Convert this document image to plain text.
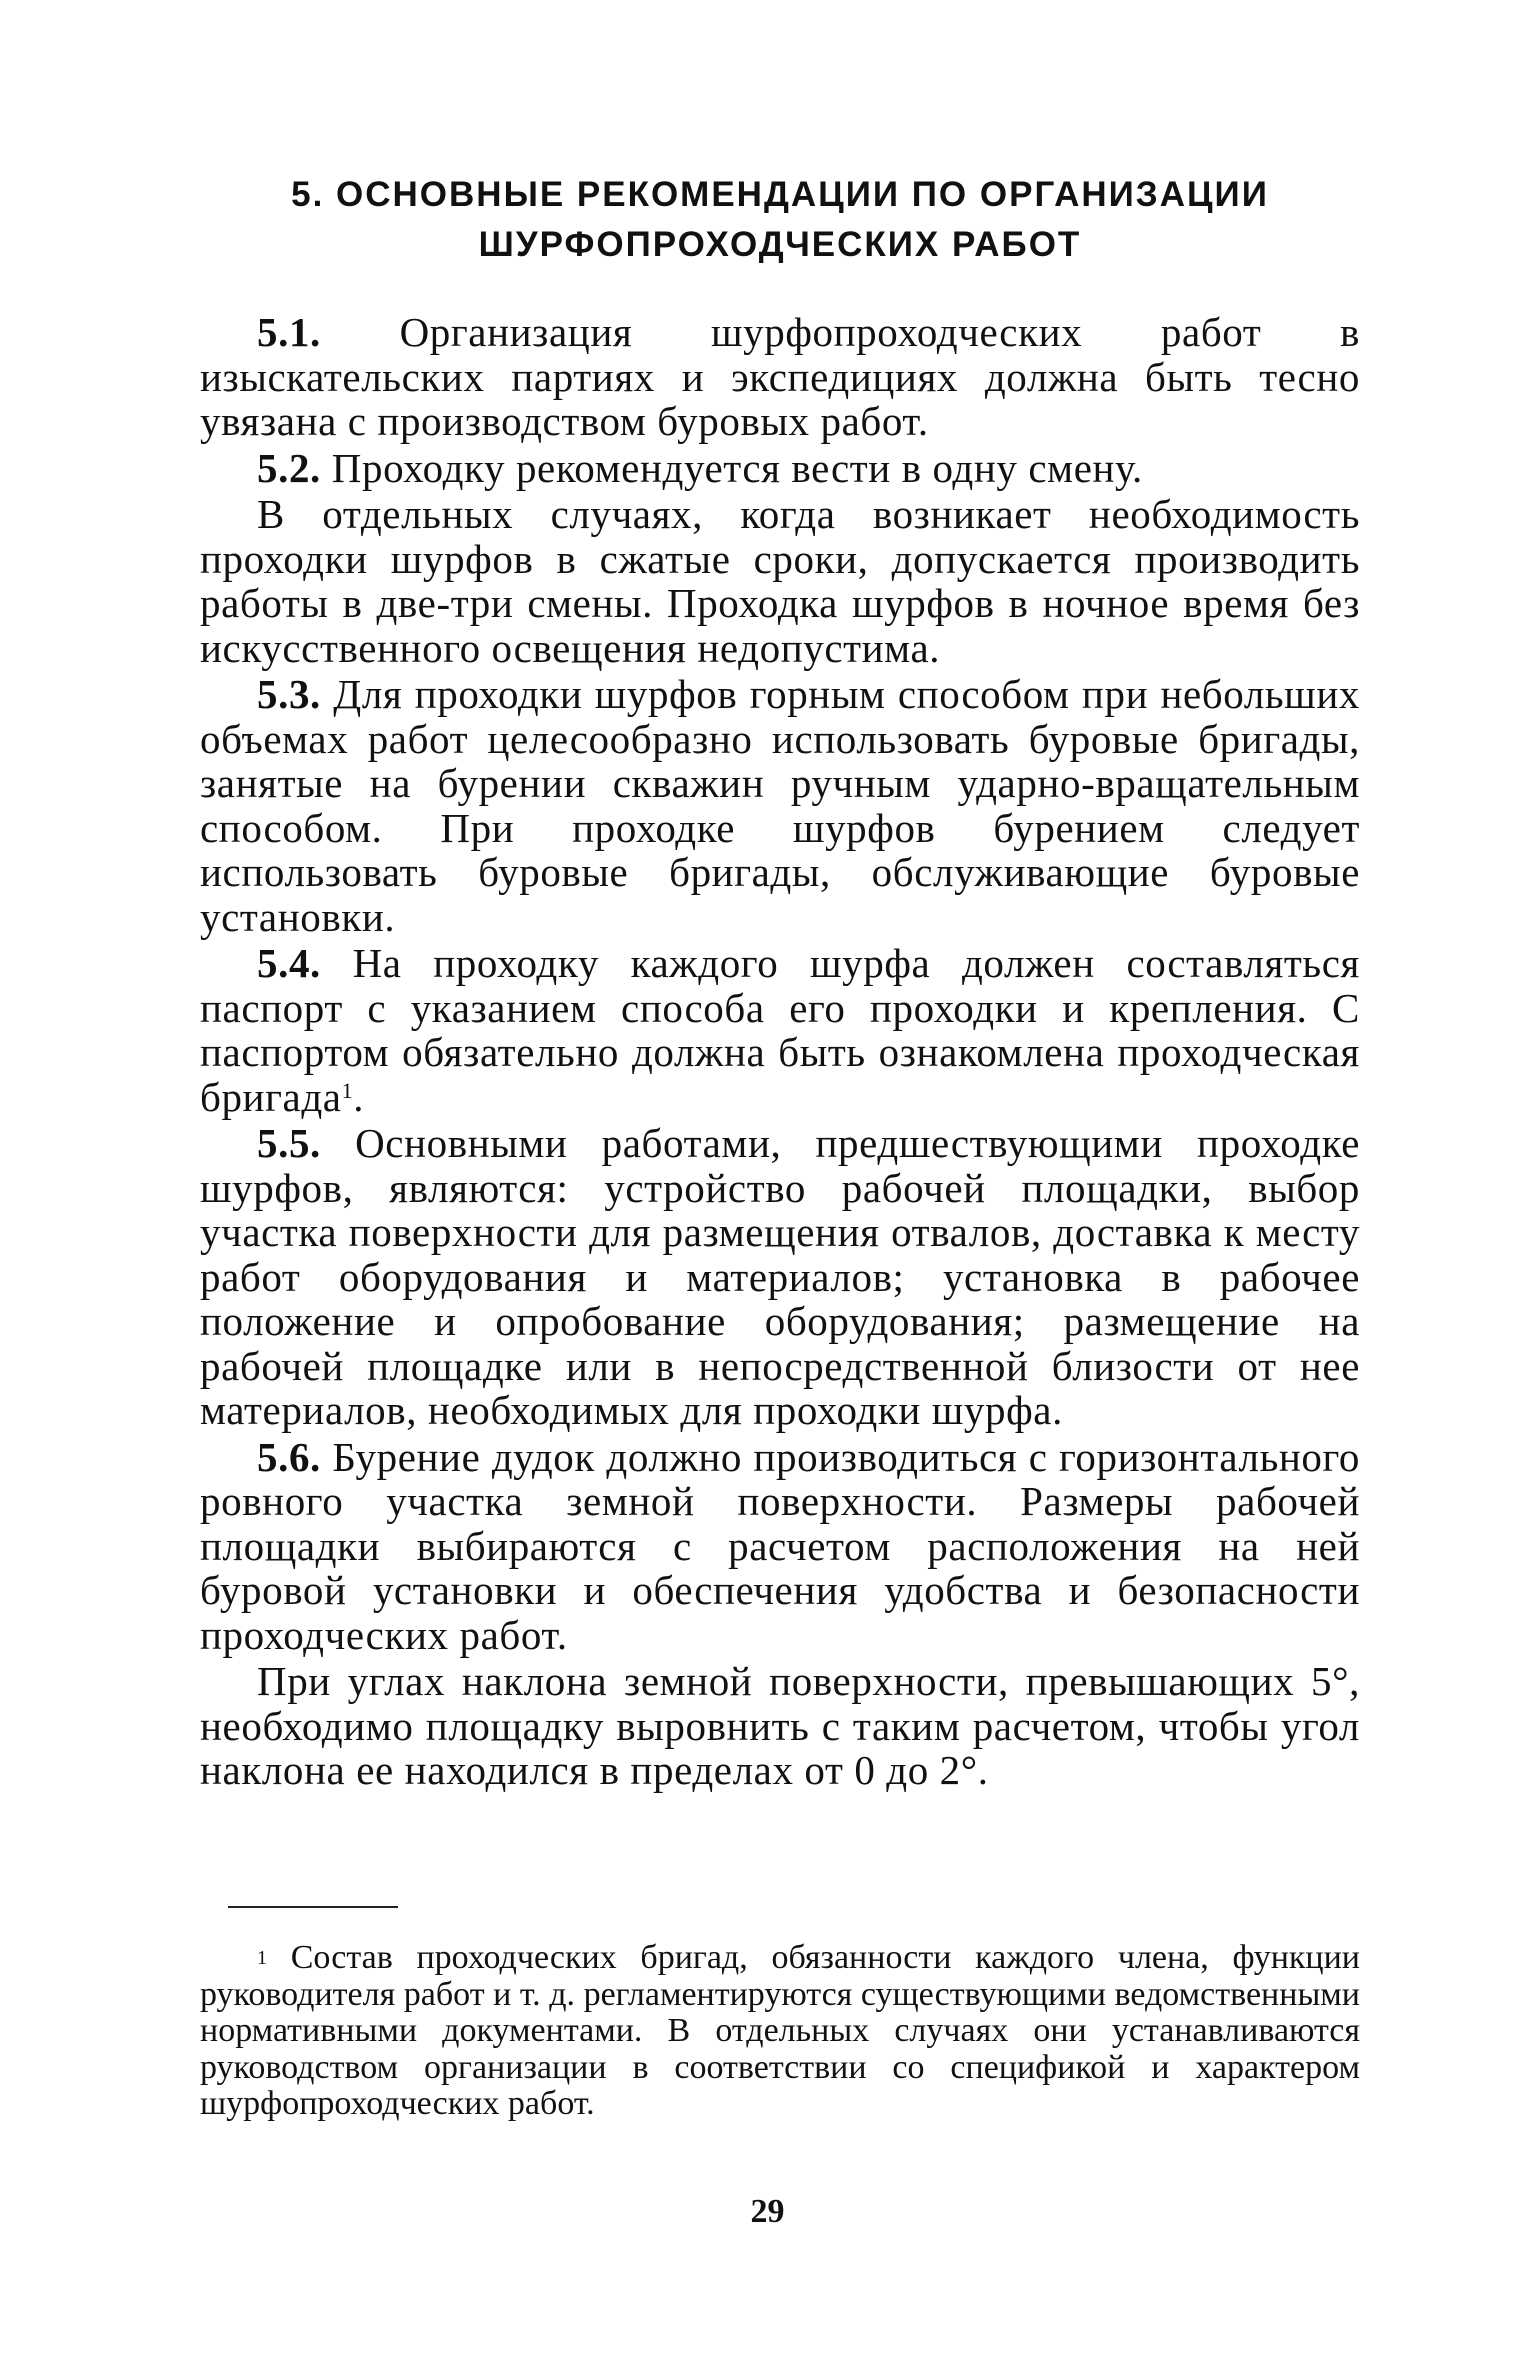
5. ОСНОВНЫЕ РЕКОМЕНДАЦИИ ПО ОРГАНИЗАЦИИ
ШУРФОПРОХОДЧЕСКИХ РАБОТ

5.1. Организация шурфопроходческих работ в изыскательских партиях и экспедициях должна быть тесно увязана с производством буровых работ.

5.2. Проходку рекомендуется вести в одну смену.

В отдельных случаях, когда возникает необходимость проходки шурфов в сжатые сроки, допускается производить работы в две-три смены. Проходка шурфов в ночное время без искусственного освещения недопустима.

5.3. Для проходки шурфов горным способом при небольших объемах работ целесообразно использовать буровые бригады, занятые на бурении скважин ручным ударно-вращательным способом. При проходке шурфов бурением следует использовать буровые бригады, обслуживающие буровые установки.

5.4. На проходку каждого шурфа должен составляться паспорт с указанием способа его проходки и крепления. С паспортом обязательно должна быть ознакомлена проходческая бригада$^1$.

5.5. Основными работами, предшествующими проходке шурфов, являются: устройство рабочей площадки, выбор участка поверхности для размещения отвалов, доставка к месту работ оборудования и материалов; установка в рабочее положение и опробование оборудования; размещение на рабочей площадке или в непосредственной близости от нее материалов, необходимых для проходки шурфа.

5.6. Бурение дудок должно производиться с горизонтального ровного участка земной поверхности. Размеры рабочей площадки выбираются с расчетом расположения на ней буровой установки и обеспечения удобства и безопасности проходческих работ.

При углах наклона земной поверхности, превышающих 5°, необходимо площадку выровнить с таким расчетом, чтобы угол наклона ее находился в пределах от 0 до 2°.

$^1$ Состав проходческих бригад, обязанности каждого члена, функции руководителя работ и т. д. регламентируются существующими ведомственными нормативными документами. В отдельных случаях они устанавливаются руководством организации в соответствии со спецификой и характером шурфопроходческих работ.

29
